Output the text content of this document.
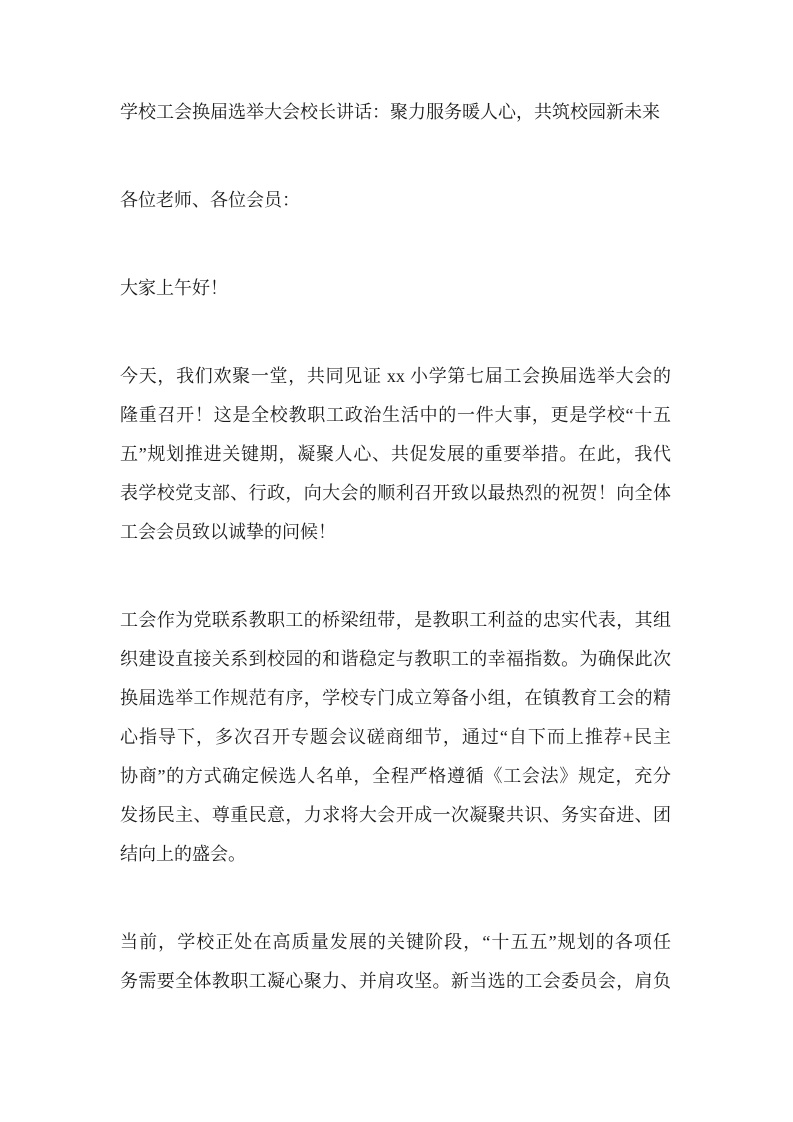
学校工会换届选举大会校长讲话：聚力服务暖人心，共筑校园新未来

各位老师、各位会员：

大家上午好！

今天，我们欢聚一堂，共同见证 xx 小学第七届工会换届选举大会的
隆重召开！这是全校教职工政治生活中的一件大事，更是学校“十五
五”规划推进关键期，凝聚人心、共促发展的重要举措。在此，我代
表学校党支部、行政，向大会的顺利召开致以最热烈的祝贺！向全体
工会会员致以诚挚的问候！

工会作为党联系教职工的桥梁纽带，是教职工利益的忠实代表，其组
织建设直接关系到校园的和谐稳定与教职工的幸福指数。为确保此次
换届选举工作规范有序，学校专门成立筹备小组，在镇教育工会的精
心指导下，多次召开专题会议磋商细节，通过“自下而上推荐+民主
协商”的方式确定候选人名单，全程严格遵循《工会法》规定，充分
发扬民主、尊重民意，力求将大会开成一次凝聚共识、务实奋进、团
结向上的盛会。

当前，学校正处在高质量发展的关键阶段，“十五五”规划的各项任
务需要全体教职工凝心聚力、并肩攻坚。新当选的工会委员会，肩负
